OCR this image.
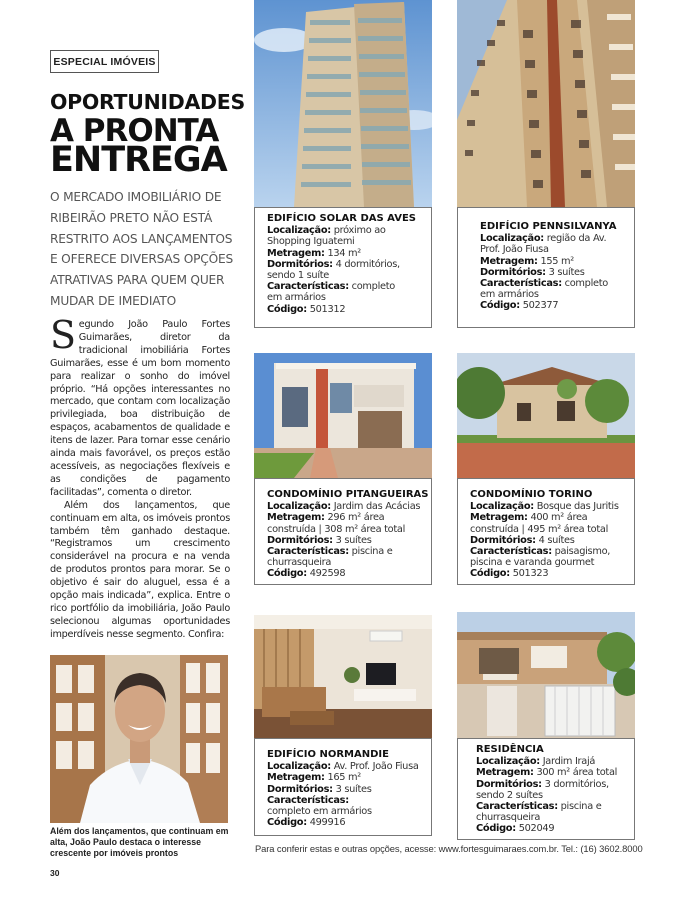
ESPECIAL IMÓVEIS
OPORTUNIDADES
A PRONTA
ENTREGA
O MERCADO IMOBILIÁRIO DE
RIBEIRÃO PRETO NÃO ESTÁ
RESTRITO AOS LANÇAMENTOS
E OFERECE DIVERSAS OPÇÕES
ATRATIVAS PARA QUEM QUER
MUDAR DE IMEDIATO

Segundo João Paulo Fortes Guimarães, diretor da tradicional imobiliária Fortes Guimarães, esse é um bom momento para realizar o sonho do imóvel próprio. “Há opções interessantes no mercado, que contam com localização privilegiada, boa distribuição de espaços, acabamentos de qualidade e itens de lazer. Para tornar esse cenário ainda mais favorável, os preços estão acessíveis, as negociações flexíveis e as condições de pagamento facilitadas”, comenta o diretor.

Além dos lançamentos, que continuam em alta, os imóveis prontos também têm ganhado destaque. “Registramos um crescimento considerável na procura e na venda de produtos prontos para morar. Se o objetivo é sair do aluguel, essa é a opção mais indicada”, explica. Entre o rico portfólio da imobiliária, João Paulo selecionou algumas oportunidades imperdíveis nesse segmento. Confira:

Além dos lançamentos, que continuam em alta, João Paulo destaca o interesse crescente por imóveis prontos
30
EDIFÍCIO SOLAR DAS AVES
Localização: próximo ao
Shopping Iguatemi
Metragem: 134 m²
Dormitórios: 4 dormitórios,
sendo 1 suíte
Características: completo
em armários
Código: 501312
EDIFÍCIO PENNSILVANYA
Localização: região da Av.
Prof. João Fiusa
Metragem: 155 m²
Dormitórios: 3 suítes
Características: completo
em armários
Código: 502377
CONDOMÍNIO PITANGUEIRAS
Localização: Jardim das Acácias
Metragem: 296 m² área
construída | 308 m² área total
Dormitórios: 3 suítes
Características: piscina e
churrasqueira
Código: 492598
CONDOMÍNIO TORINO
Localização: Bosque das Juritis
Metragem: 400 m² área
construída | 495 m² área total
Dormitórios: 4 suítes
Características: paisagismo,
piscina e varanda gourmet
Código: 501323
EDIFÍCIO NORMANDIE
Localização: Av. Prof. João Fiusa
Metragem: 165 m²
Dormitórios: 3 suítes
Características:
completo em armários
Código: 499916
RESIDÊNCIA
Localização: Jardim Irajá
Metragem: 300 m² área total
Dormitórios: 3 dormitórios,
sendo 2 suítes
Características: piscina e
churrasqueira
Código: 502049
Para conferir estas e outras opções, acesse: www.fortesguimaraes.com.br. Tel.: (16) 3602.8000
